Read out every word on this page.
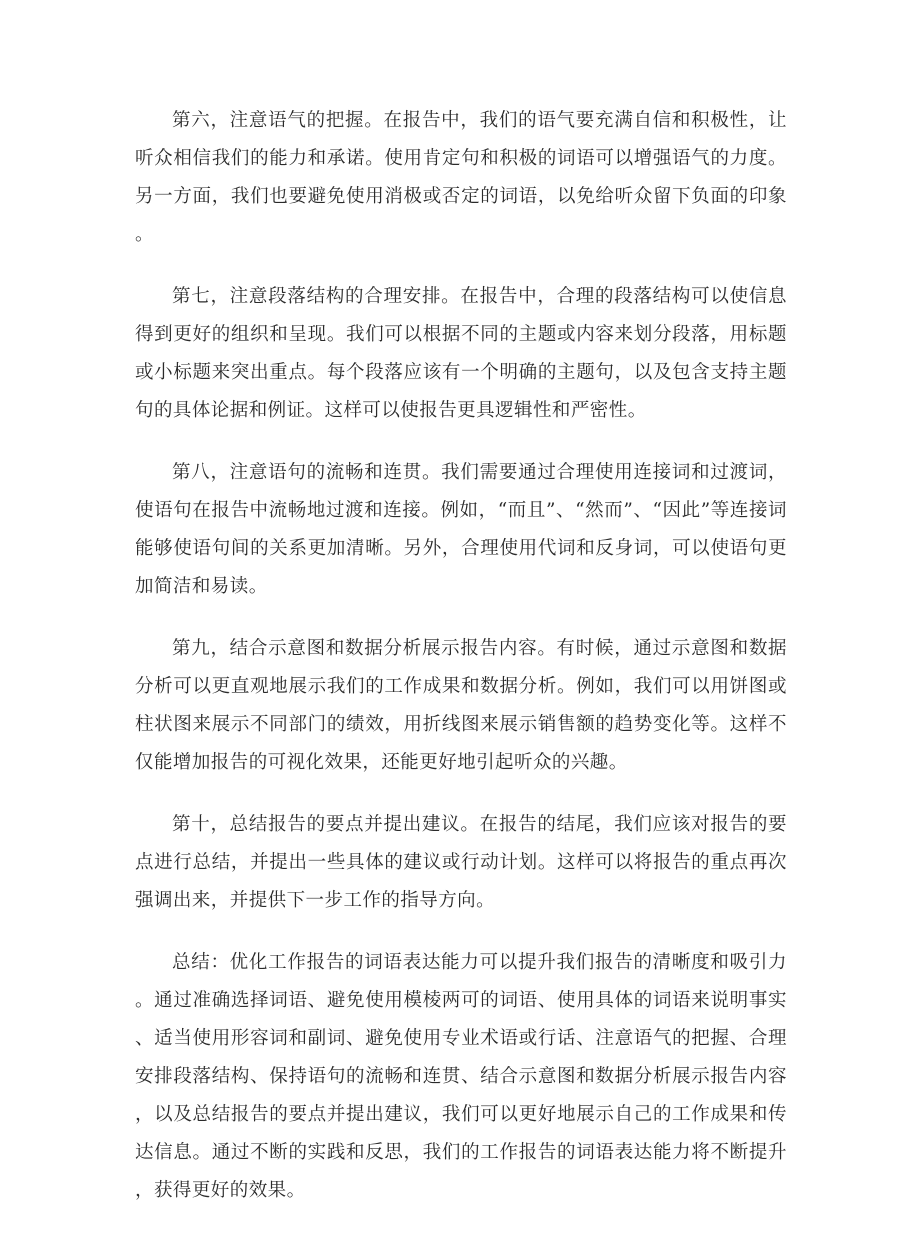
第六，注意语气的把握。在报告中，我们的语气要充满自信和积极性，让听众相信我们的能力和承诺。使用肯定句和积极的词语可以增强语气的力度。另一方面，我们也要避免使用消极或否定的词语，以免给听众留下负面的印象。

第七，注意段落结构的合理安排。在报告中，合理的段落结构可以使信息得到更好的组织和呈现。我们可以根据不同的主题或内容来划分段落，用标题或小标题来突出重点。每个段落应该有一个明确的主题句，以及包含支持主题句的具体论据和例证。这样可以使报告更具逻辑性和严密性。

第八，注意语句的流畅和连贯。我们需要通过合理使用连接词和过渡词，使语句在报告中流畅地过渡和连接。例如，“而且”、“然而”、“因此”等连接词能够使语句间的关系更加清晰。另外，合理使用代词和反身词，可以使语句更加简洁和易读。

第九，结合示意图和数据分析展示报告内容。有时候，通过示意图和数据分析可以更直观地展示我们的工作成果和数据分析。例如，我们可以用饼图或柱状图来展示不同部门的绩效，用折线图来展示销售额的趋势变化等。这样不仅能增加报告的可视化效果，还能更好地引起听众的兴趣。

第十，总结报告的要点并提出建议。在报告的结尾，我们应该对报告的要点进行总结，并提出一些具体的建议或行动计划。这样可以将报告的重点再次强调出来，并提供下一步工作的指导方向。

总结：优化工作报告的词语表达能力可以提升我们报告的清晰度和吸引力。通过准确选择词语、避免使用模棱两可的词语、使用具体的词语来说明事实、适当使用形容词和副词、避免使用专业术语或行话、注意语气的把握、合理安排段落结构、保持语句的流畅和连贯、结合示意图和数据分析展示报告内容，以及总结报告的要点并提出建议，我们可以更好地展示自己的工作成果和传达信息。通过不断的实践和反思，我们的工作报告的词语表达能力将不断提升，获得更好的效果。
